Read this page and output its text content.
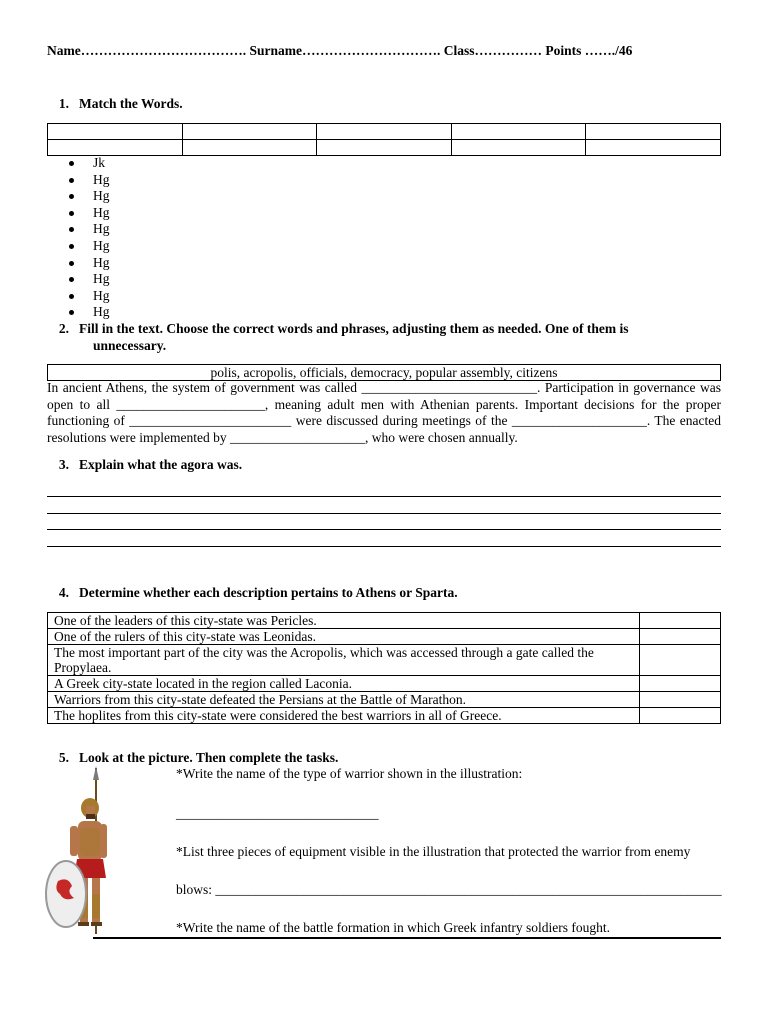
Name………………………………. Surname…………………………. Class…………… Points ……./46
1. Match the Words.

Jk
Hg
Hg
Hg
Hg
Hg
Hg
Hg
Hg
Hg
2. Fill in the text. Choose the correct words and phrases, adjusting them as needed. One of them is
unnecessary.
polis, acropolis, officials, democracy, popular assembly, citizens
In ancient Athens, the system of government was called __________________________. Participation in governance was open to all ______________________, meaning adult men with Athenian parents. Important decisions for the proper functioning of ________________________ were discussed during meetings of the ____________________. The enacted resolutions were implemented by ____________________, who were chosen annually.
3. Explain what the agora was.
4. Determine whether each description pertains to Athens or Sparta.
One of the leaders of this city-state was Pericles.	
One of the rulers of this city-state was Leonidas.	
The most important part of the city was the Acropolis, which was accessed through a gate called the Propylaea.	
A Greek city-state located in the region called Laconia.	
Warriors from this city-state defeated the Persians at the Battle of Marathon.	
The hoplites from this city-state were considered the best warriors in all of Greece.	
5. Look at the picture. Then complete the tasks.
*Write the name of the type of warrior shown in the illustration:
______________________________
*List three pieces of equipment visible in the illustration that protected the warrior from enemy
blows: ___________________________________________________________________________
*Write the name of the battle formation in which Greek infantry soldiers fought.
